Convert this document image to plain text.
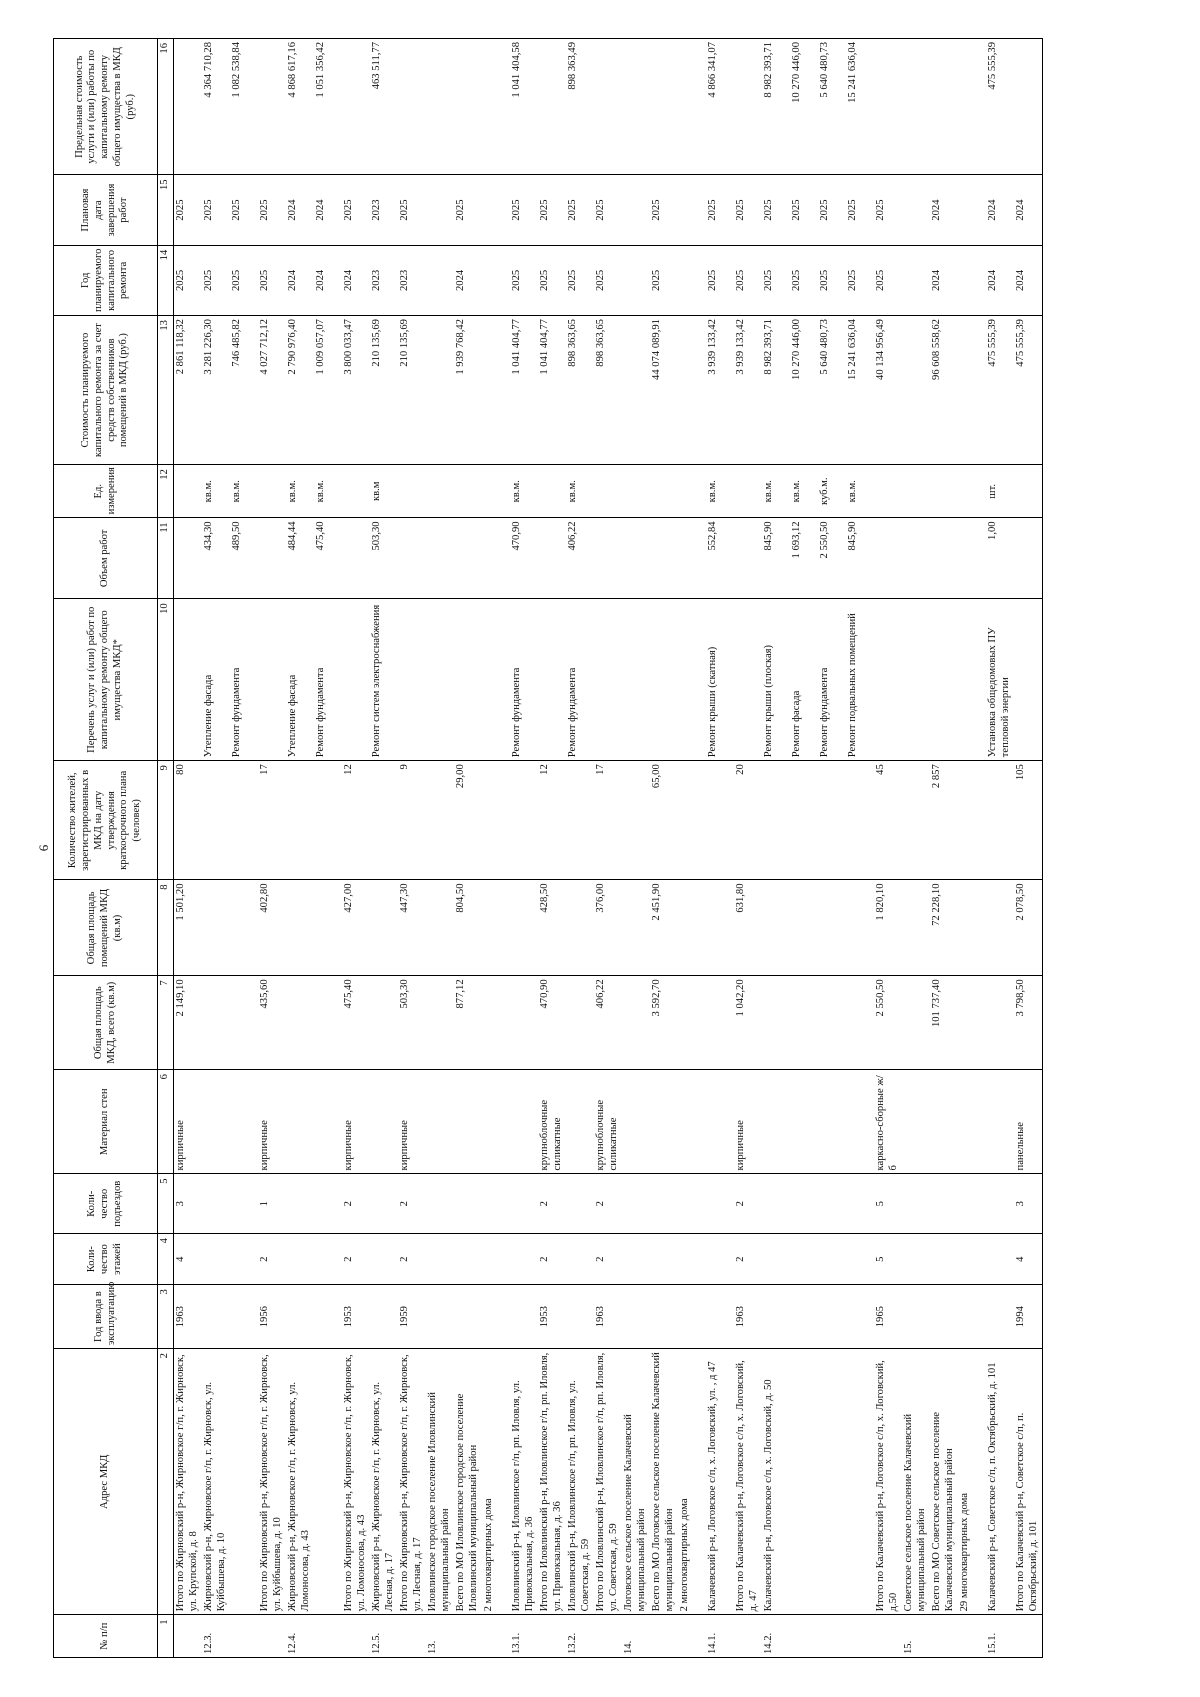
6
№ п/п	Адрес МКД	Год ввода в эксплуатацию	Коли-чество этажей	Коли-чество подъездов	Материал стен	Общая площадь МКД, всего (кв.м)	Общая площадь помещений МКД (кв.м)	Количество жителей, зарегистрированных в МКД на дату утверждения краткосрочного плана (человек)	Перечень услуг и (или) работ по капитальному ремонту общего имущества МКД*	Объем работ	Ед. измерения	Стоимость планируемого капитального ремонта за счет средств собственников помещений в МКД (руб.)	Год планируемого капитального ремонта	Плановая дата завершения работ	Предельная стоимость услуги и (или) работы по капитальному ремонту общего имущества в МКД (руб.)
1	2	3	4	5	6	7	8	9	10	11	12	13	14	15	16
	Итого по Жирновский р-н, Жирновское г/п, г. Жирновск, ул. Крупской, д. 8	1963	4	3	кирпичные	2 149,10	1 501,20	80				2 861 118,32	2025	2025	
12.3.	Жирновский р-н, Жирновское г/п, г. Жирновск, ул. Куйбышева, д. 10								Утепление фасада	434,30	кв.м.	3 281 226,30	2025	2025	4 364 710,28
									Ремонт фундамента	489,50	кв.м.	746 485,82	2025	2025	1 082 538,84
	Итого по Жирновский р-н, Жирновское г/п, г. Жирновск, ул. Куйбышева, д. 10	1956	2	1	кирпичные	435,60	402,80	17				4 027 712,12	2025	2025	
12.4.	Жирновский р-н, Жирновское г/п, г. Жирновск, ул. Ломоносова, д. 43								Утепление фасада	484,44	кв.м.	2 790 976,40	2024	2024	4 868 617,16
									Ремонт фундамента	475,40	кв.м.	1 009 057,07	2024	2024	1 051 356,42
	Итого по Жирновский р-н, Жирновское г/п, г. Жирновск, ул. Ломоносова, д. 43	1953	2	2	кирпичные	475,40	427,00	12				3 800 033,47	2024	2025	
12.5.	Жирновский р-н, Жирновское г/п, г. Жирновск, ул. Лесная, д. 17								Ремонт систем электроснабжения	503,30	кв.м	210 135,69	2023	2023	463 511,77
	Итого по Жирновский р-н, Жирновское г/п, г. Жирновск, ул. Лесная, д. 17	1959	2	2	кирпичные	503,30	447,30	9				210 135,69	2023	2025	
13.	Иловлинское городское поселение Иловлинский муниципальный район														
	Всего по МО Иловлинское городское поселение Иловлинский муниципальный район					877,12	804,50	29,00				1 939 768,42	2024	2025	
	2 многоквартирных дома														
13.1.	Иловлинский р-н, Иловлинское г/п, рп. Иловля, ул. Привокзальная, д. 36								Ремонт фундамента	470,90	кв.м.	1 041 404,77	2025	2025	1 041 404,58
	Итого по Иловлинский р-н, Иловлинское г/п, рп. Иловля, ул. Привокзальная, д. 36	1953	2	2	крупноблочные силикатные	470,90	428,50	12				1 041 404,77	2025	2025	
13.2.	Иловлинский р-н, Иловлинское г/п, рп. Иловля, ул. Советская, д. 59								Ремонт фундамента	406,22	кв.м.	898 363,65	2025	2025	898 363,49
	Итого по Иловлинский р-н, Иловлинское г/п, рп. Иловля, ул. Советская, д. 59	1963	2	2	крупноблочные силикатные	406,22	376,00	17				898 363,65	2025	2025	
14.	Логовское сельское поселение Калачевский муниципальный район														
	Всего по МО Логовское сельское поселение Калачевский муниципальный район					3 592,70	2 451,90	65,00				44 074 089,91	2025	2025	
	2 многоквартирных дома														
14.1.	Калачевский р-н, Логовское с/п, х. Логовский, ул. , д 47								Ремонт крыши (скатная)	552,84	кв.м.	3 939 133,42	2025	2025	4 866 341,07
	Итого по Калачевский р-н, Логовское с/п, х. Логовский, д. 47	1963	2	2	кирпичные	1 042,20	631,80	20				3 939 133,42	2025	2025	
14.2.	Калачевский р-н, Логовское с/п, х. Логовский, д. 50								Ремонт крыши (плоская)	845,90	кв.м.	8 982 393,71	2025	2025	8 982 393,71
									Ремонт фасада	1 693,12	кв.м.	10 270 446,00	2025	2025	10 270 446,00
									Ремонт фундамента	2 550,50	куб.м.	5 640 480,73	2025	2025	5 640 480,73
									Ремонт подвальных помещений	845,90	кв.м.	15 241 636,04	2025	2025	15 241 636,04
	Итого по Калачевский р-н, Логовское с/п, х. Логовский, д.50	1965	5	5	каркасно-сборные ж/б	2 550,50	1 820,10	45				40 134 956,49	2025	2025	
15.	Советское сельское поселение Калачевский муниципальный район														
	Всего по МО Советское сельское поселение Калачевский муниципальный район					101 737,40	72 228,10	2 857				96 608 558,62	2024	2024	
	29 многоквартирных дома														
15.1.	Калачевский р-н, Советское с/п, п. Октябрьский, д. 101								Установка общедомовых ПУ тепловой энергии	1,00	шт.	475 555,39	2024	2024	475 555,39
	Итого по Калачевский р-н, Советское с/п, п. Октябрьский, д. 101	1994	4	3	панельные	3 798,50	2 078,50	105				475 555,39	2024	2024	
